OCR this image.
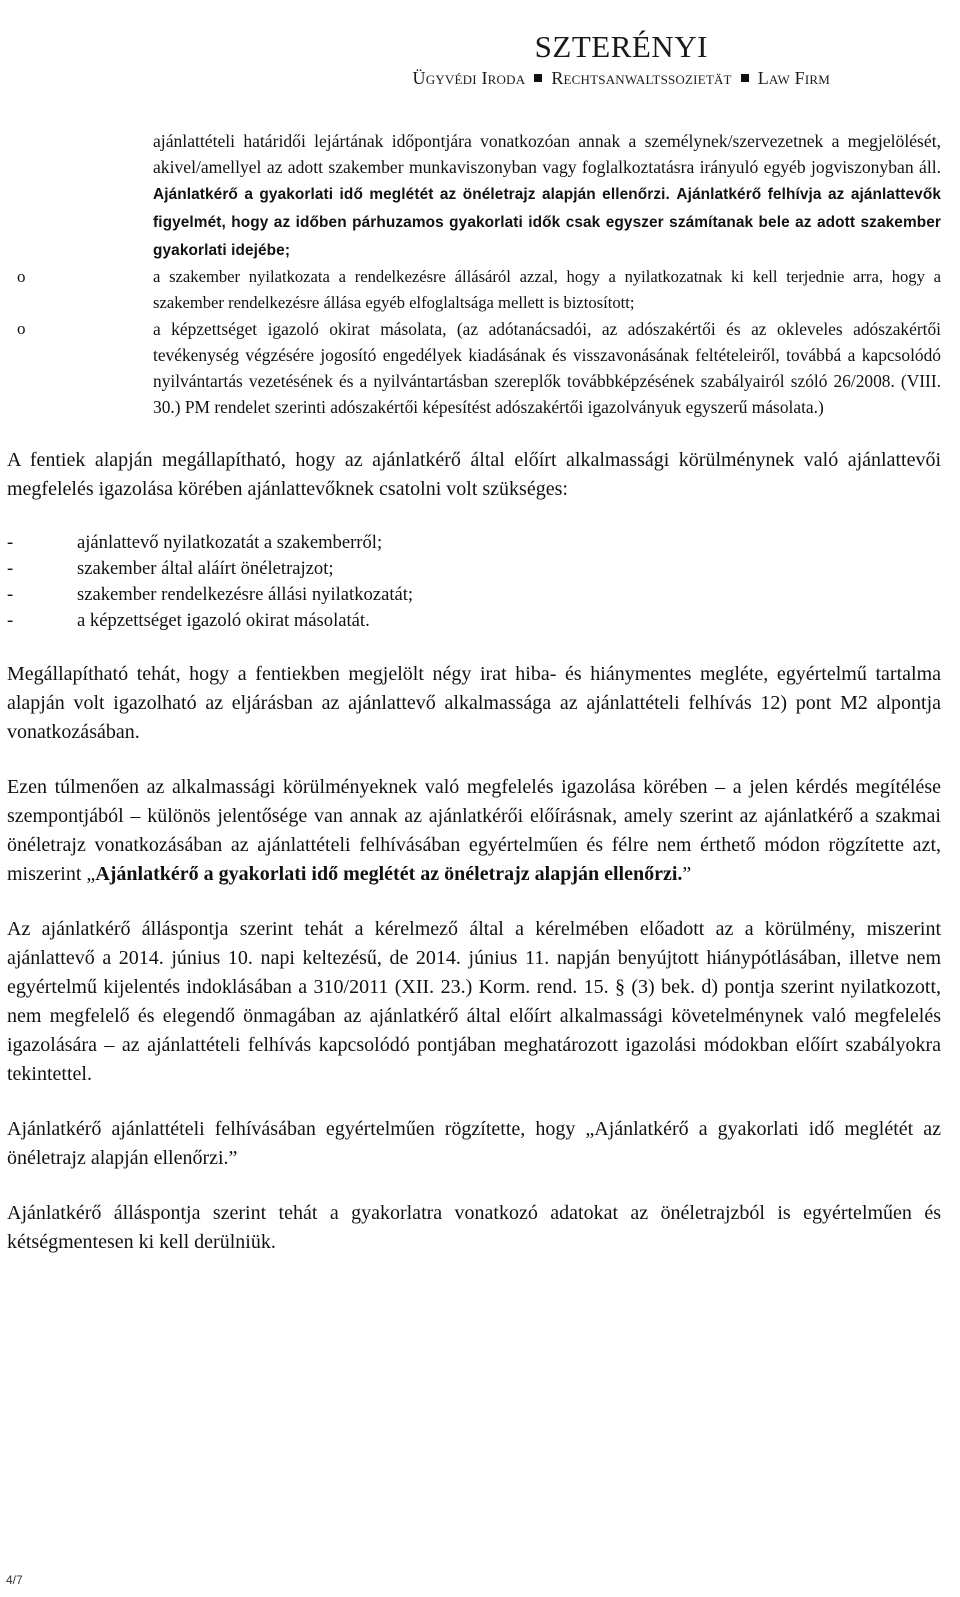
SZTERÉNYI
Ügyvédi Iroda Rechtsanwaltssozietät Law Firm

ajánlattételi határidői lejártának időpontjára vonatkozóan annak a személynek/szervezetnek a megjelölését, akivel/amellyel az adott szakember munkaviszonyban vagy foglalkoztatásra irányuló egyéb jogviszonyban áll. Ajánlatkérő a gyakorlati idő meglétét az önéletrajz alapján ellenőrzi. Ajánlatkérő felhívja az ajánlattevők figyelmét, hogy az időben párhuzamos gyakorlati idők csak egyszer számítanak bele az adott szakember gyakorlati idejébe;

o	a szakember nyilatkozata a rendelkezésre állásáról azzal, hogy a nyilatkozatnak ki kell terjednie arra, hogy a szakember rendelkezésre állása egyéb elfoglaltsága mellett is biztosított;
o	a képzettséget igazoló okirat másolata, (az adótanácsadói, az adószakértői és az okleveles adószakértői tevékenység végzésére jogosító engedélyek kiadásának és visszavonásának feltételeiről, továbbá a kapcsolódó nyilvántartás vezetésének és a nyilvántartásban szereplők továbbképzésének szabályairól szóló 26/2008. (VIII. 30.) PM rendelet szerinti adószakértői képesítést adószakértői igazolványuk egyszerű másolata.)

A fentiek alapján megállapítható, hogy az ajánlatkérő által előírt alkalmassági körülménynek való ajánlattevői megfelelés igazolása körében ajánlattevőknek csatolni volt szükséges:

-	ajánlattevő nyilatkozatát a szakemberről;
-	szakember által aláírt önéletrajzot;
-	szakember rendelkezésre állási nyilatkozatát;
-	a képzettséget igazoló okirat másolatát.

Megállapítható tehát, hogy a fentiekben megjelölt négy irat hiba- és hiánymentes megléte, egyértelmű tartalma alapján volt igazolható az eljárásban az ajánlattevő alkalmassága az ajánlattételi felhívás 12) pont M2 alpontja vonatkozásában.

Ezen túlmenően az alkalmassági körülményeknek való megfelelés igazolása körében – a jelen kérdés megítélése szempontjából – különös jelentősége van annak az ajánlatkérői előírásnak, amely szerint az ajánlatkérő a szakmai önéletrajz vonatkozásában az ajánlattételi felhívásában egyértelműen és félre nem érthető módon rögzítette azt, miszerint „Ajánlatkérő a gyakorlati idő meglétét az önéletrajz alapján ellenőrzi.”

Az ajánlatkérő álláspontja szerint tehát a kérelmező által a kérelmében előadott az a körülmény, miszerint ajánlattevő a 2014. június 10. napi keltezésű, de 2014. június 11. napján benyújtott hiánypótlásában, illetve nem egyértelmű kijelentés indoklásában a 310/2011 (XII. 23.) Korm. rend. 15. § (3) bek. d) pontja szerint nyilatkozott, nem megfelelő és elegendő önmagában az ajánlatkérő által előírt alkalmassági követelménynek való megfelelés igazolására – az ajánlattételi felhívás kapcsolódó pontjában meghatározott igazolási módokban előírt szabályokra tekintettel.

Ajánlatkérő ajánlattételi felhívásában egyértelműen rögzítette, hogy „Ajánlatkérő a gyakorlati idő meglétét az önéletrajz alapján ellenőrzi.”

Ajánlatkérő álláspontja szerint tehát a gyakorlatra vonatkozó adatokat az önéletrajzból is egyértelműen és kétségmentesen ki kell derülniük.

4/7
